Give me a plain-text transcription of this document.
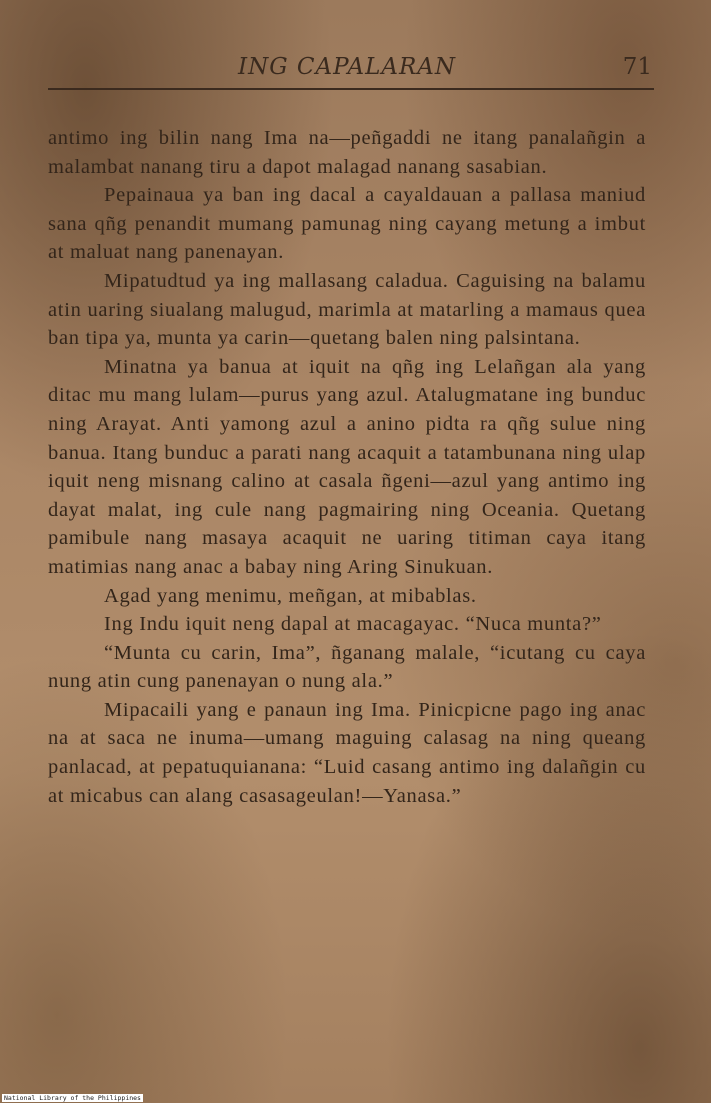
ING CAPALARAN	71

antimo ing bilin nang Ima na—peñgaddi ne itang panalañgin a malambat nanang tiru a dapot malagad nanang sasabian.

Pepainaua ya ban ing dacal a cayaldauan a pallasa maniud sana qñg penandit mumang pamunag ning cayang metung a imbut at maluat nang panenayan.

Mipatudtud ya ing mallasang caladua. Caguising na balamu atin uaring siualang malugud, marimla at matarling a mamaus quea ban tipa ya, munta ya carin—quetang balen ning palsintana.

Minatna ya banua at iquit na qñg ing Lelañgan ala yang ditac mu mang lulam—purus yang azul. Atalugmatane ing bunduc ning Arayat. Anti yamong azul a anino pidta ra qñg sulue ning banua. Itang bunduc a parati nang acaquit a tatambunana ning ulap iquit neng misnang calino at casala ñgeni—azul yang antimo ing dayat malat, ing cule nang pagmairing ning Oceania. Quetang pamibule nang masaya acaquit ne uaring titiman caya itang matimias nang anac a babay ning Aring Sinukuan.

Agad yang menimu, meñgan, at mibablas.

Ing Indu iquit neng dapal at macagayac. “Nuca munta?”

“Munta cu carin, Ima”, ñganang malale, “icutang cu caya nung atin cung panenayan o nung ala.”

Mipacaili yang e panaun ing Ima. Pinicpicne pago ing anac na at saca ne inuma—umang maguing calasag na ning queang panlacad, at pepatuquianana: “Luid casang antimo ing dalañgin cu at micabus can alang casasageulan!—Yanasa.”

National Library of the Philippines
